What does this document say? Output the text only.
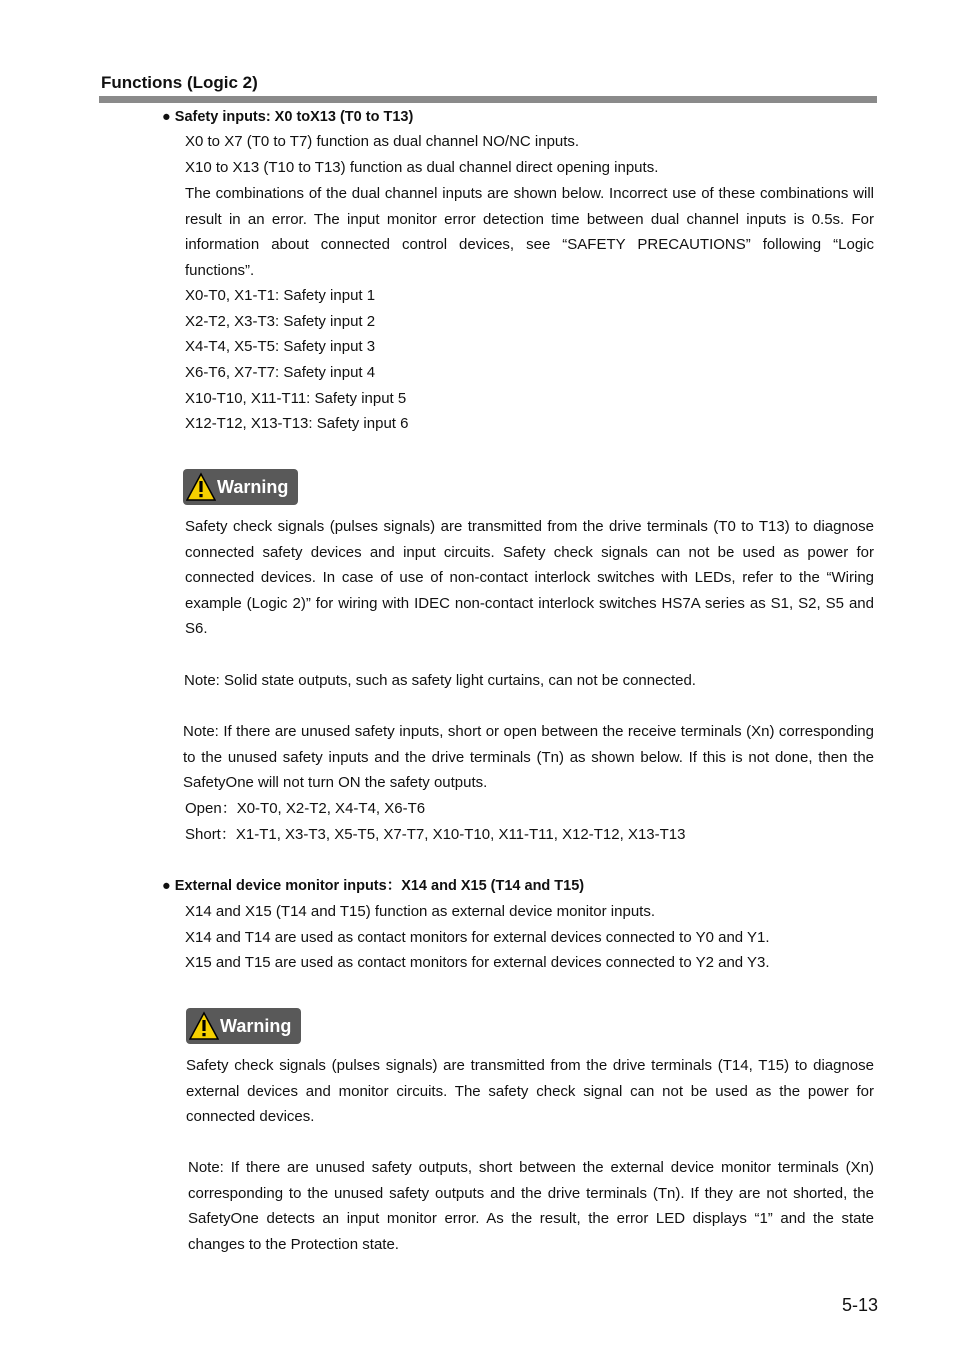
Functions (Logic 2)
● Safety inputs: X0 toX13 (T0 to T13)
X0 to X7 (T0 to T7) function as dual channel NO/NC inputs.
X10 to X13 (T10 to T13) function as dual channel direct opening inputs.
The combinations of the dual channel inputs are shown below. Incorrect use of these combinations will result in an error. The input monitor error detection time between dual channel inputs is 0.5s. For information about connected control devices, see “SAFETY PRECAUTIONS” following “Logic functions”.
X0-T0, X1-T1: Safety input 1
X2-T2, X3-T3: Safety input 2
X4-T4, X5-T5: Safety input 3
X6-T6, X7-T7: Safety input 4
X10-T10, X11-T11: Safety input 5
X12-T12, X13-T13: Safety input 6
Warning
Safety check signals (pulses signals) are transmitted from the drive terminals (T0 to T13) to diagnose connected safety devices and input circuits. Safety check signals can not be used as power for connected devices. In case of use of non-contact interlock switches with LEDs, refer to the “Wiring example (Logic 2)” for wiring with IDEC non-contact interlock switches HS7A series as S1, S2, S5 and S6.
Note: Solid state outputs, such as safety light curtains, can not be connected.
Note: If there are unused safety inputs, short or open between the receive terminals (Xn) corresponding to the unused safety inputs and the drive terminals (Tn) as shown below. If this is not done, then the SafetyOne will not turn ON the safety outputs.
Open：X0-T0, X2-T2, X4-T4, X6-T6
Short：X1-T1, X3-T3, X5-T5, X7-T7, X10-T10, X11-T11, X12-T12, X13-T13
● External device monitor inputs：X14 and X15 (T14 and T15)
X14 and X15 (T14 and T15) function as external device monitor inputs.
X14 and T14 are used as contact monitors for external devices connected to Y0 and Y1.
X15 and T15 are used as contact monitors for external devices connected to Y2 and Y3.
Warning
Safety check signals (pulses signals) are transmitted from the drive terminals (T14, T15) to diagnose external devices and monitor circuits. The safety check signal can not be used as the power for connected devices.
Note: If there are unused safety outputs, short between the external device monitor terminals (Xn) corresponding to the unused safety outputs and the drive terminals (Tn). If they are not shorted, the SafetyOne detects an input monitor error. As the result, the error LED displays “1” and the state changes to the Protection state.
5-13
